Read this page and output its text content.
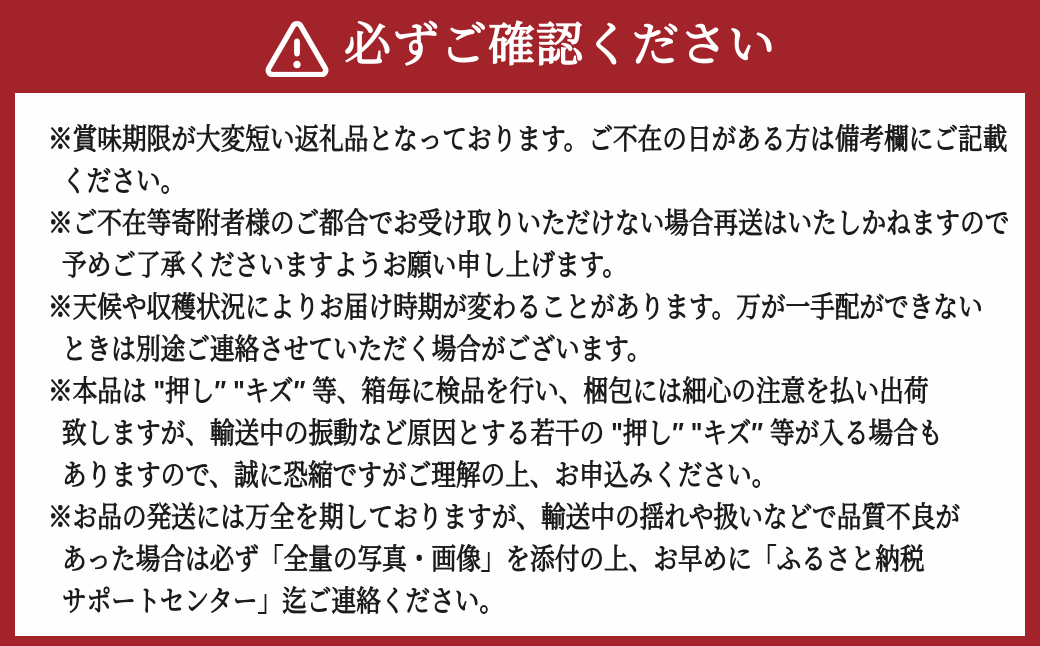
必ずご確認ください

※賞味期限が大変短い返礼品となっております。ご不在の日がある方は備考欄にご記載
ください。

※ご不在等寄附者様のご都合でお受け取りいただけない場合再送はいたしかねますので
予めご了承くださいますようお願い申し上げます。

※天候や収穫状況によりお届け時期が変わることがあります。万が一手配ができない
ときは別途ご連絡させていただく場合がございます。

※本品は "押し″ "キズ″ 等、箱毎に検品を行い、梱包には細心の注意を払い出荷
致しますが、輸送中の振動など原因とする若干の "押し″ "キズ″ 等が入る場合も
ありますので、誠に恐縮ですがご理解の上、お申込みください。

※お品の発送には万全を期しておりますが、輸送中の揺れや扱いなどで品質不良が
あった場合は必ず「全量の写真・画像」を添付の上、お早めに「ふるさと納税
サポートセンター」迄ご連絡ください。
